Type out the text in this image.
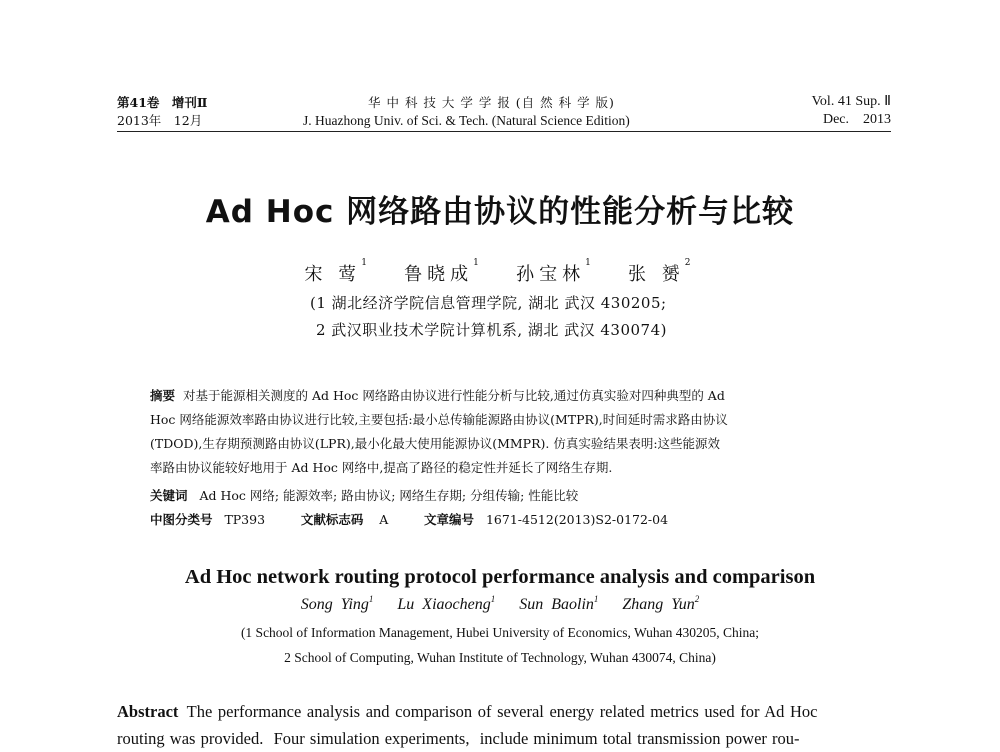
第41卷　增刊Ⅱ
2013年　12月
华 中 科 技 大 学 学 报 (自 然 科 学 版)
J. Huazhong Univ. of Sci. & Tech. (Natural Science Edition)
Vol. 41 Sup. Ⅱ
Dec.    2013
Ad Hoc 网络路由协议的性能分析与比较
宋 莺$^1$   鲁晓成$^1$   孙宝林$^1$   张 赟$^2$
(1 湖北经济学院信息管理学院, 湖北 武汉 430205;
2 武汉职业技术学院计算机系, 湖北 武汉 430074)
摘要 对基于能源相关测度的 Ad Hoc 网络路由协议进行性能分析与比较,通过仿真实验对四种典型的 Ad
Hoc 网络能源效率路由协议进行比较,主要包括:最小总传输能源路由协议(MTPR),时间延时需求路由协议
(TDOD),生存期预测路由协议(LPR),最小化最大使用能源协议(MMPR). 仿真实验结果表明:这些能源效
率路由协议能较好地用于 Ad Hoc 网络中,提高了路径的稳定性并延长了网络生存期.
关键词 Ad Hoc 网络; 能源效率; 路由协议; 网络生存期; 分组传输; 性能比较
中图分类号 TP393	文献标志码 A	文章编号 1671-4512(2013)S2-0172-04
Ad Hoc network routing protocol performance analysis and comparison
Song Ying$^1$ Lu Xiaocheng$^1$ Sun Baolin$^1$ Zhang Yun$^2$
(1 School of Information Management, Hubei University of Economics, Wuhan 430205, China;
2 School of Computing, Wuhan Institute of Technology, Wuhan 430074, China)
Abstract The performance analysis and comparison of several energy related metrics used for Ad Hoc
routing was provided.  Four simulation experiments,  include minimum total transmission power rou-
